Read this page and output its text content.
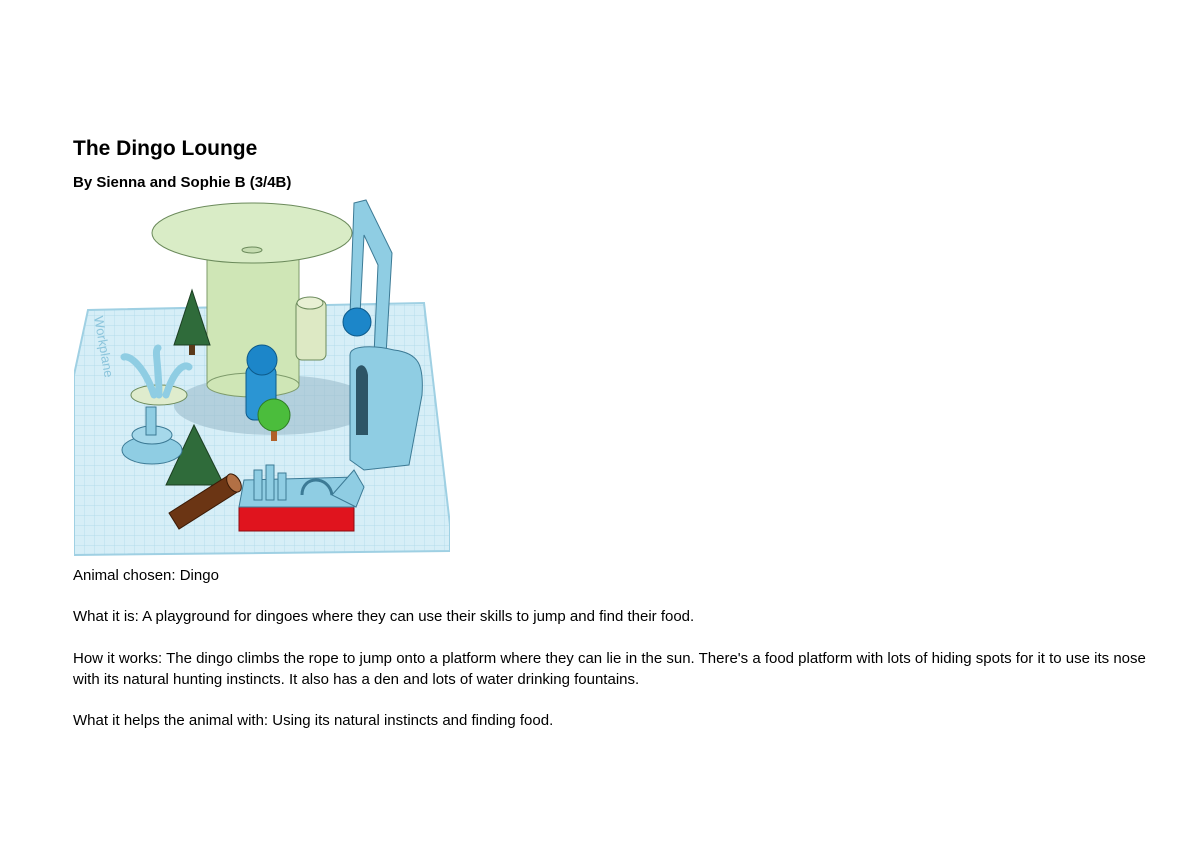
The Dingo Lounge

By Sienna and Sophie B (3/4B)

Workplane

Animal chosen: Dingo

What it is: A playground for dingoes where they can use their skills to jump and find their food.

How it works: The dingo climbs the rope to jump onto a platform where they can lie in the sun. There's a food platform with lots of hiding spots for it to use its nose with its natural hunting instincts. It also has a den and lots of water drinking fountains.

What it helps the animal with: Using its natural instincts and finding food.
